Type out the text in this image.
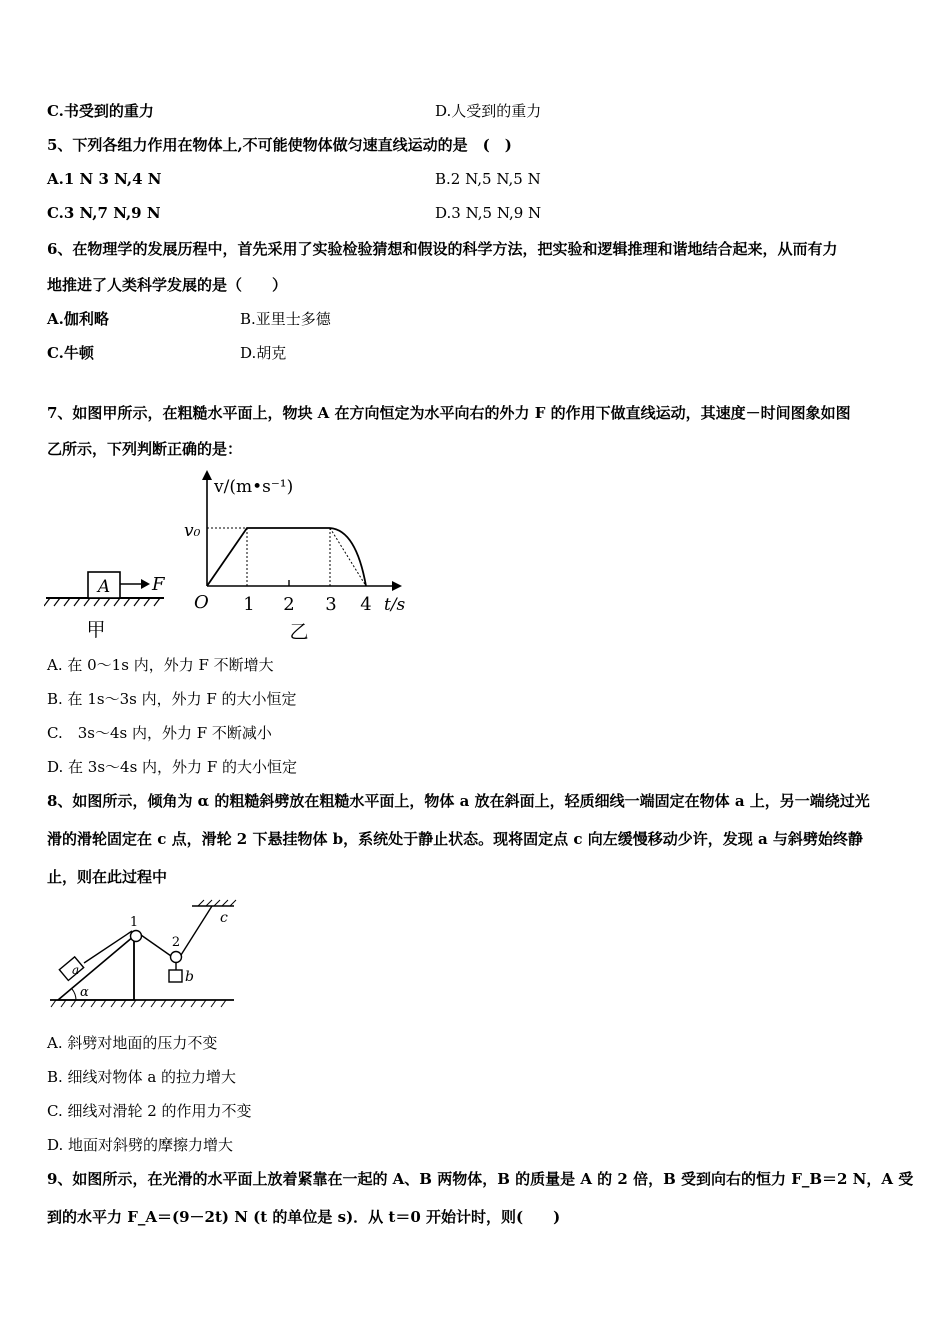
C.书受到的重力	D.人受到的重力
5、下列各组力作用在物体上,不可能使物体做匀速直线运动的是　(　)
A.1 N 3 N,4 N	B.2 N,5 N,5 N
C.3 N,7 N,9 N	D.3 N,5 N,9 N
6、在物理学的发展历程中，首先采用了实验检验猜想和假设的科学方法，把实验和逻辑推理和谐地结合起来，从而有力
地推进了人类科学发展的是（　　）
A.伽利略	B.亚里士多德
C.牛顿	D.胡克
7、如图甲所示，在粗糙水平面上，物块 A 在方向恒定为水平向右的外力 F 的作用下做直线运动，其速度－时间图象如图
乙所示，下列判断正确的是：
A F
甲
v/(m•s⁻¹)
v₀
O 1 2 3 4 t/s
乙
A. 在 0～1s 内，外力 F 不断增大
B. 在 1s～3s 内，外力 F 的大小恒定
C.　3s～4s 内，外力 F 不断减小
D. 在 3s～4s 内，外力 F 的大小恒定
8、如图所示，倾角为 α 的粗糙斜劈放在粗糙水平面上，物体 a 放在斜面上，轻质细线一端固定在物体 a 上，另一端绕过光
滑的滑轮固定在 c 点，滑轮 2 下悬挂物体 b，系统处于静止状态。现将固定点 c 向左缓慢移动少许，发现 a 与斜劈始终静
止，则在此过程中
c
α
a
1
2
b
A. 斜劈对地面的压力不变
B. 细线对物体 a 的拉力增大
C. 细线对滑轮 2 的作用力不变
D. 地面对斜劈的摩擦力增大
9、如图所示，在光滑的水平面上放着紧靠在一起的 A、B 两物体，B 的质量是 A 的 2 倍，B 受到向右的恒力 F_B＝2 N，A 受
到的水平力 F_A＝(9－2t) N (t 的单位是 s)．从 t＝0 开始计时，则(　　)
